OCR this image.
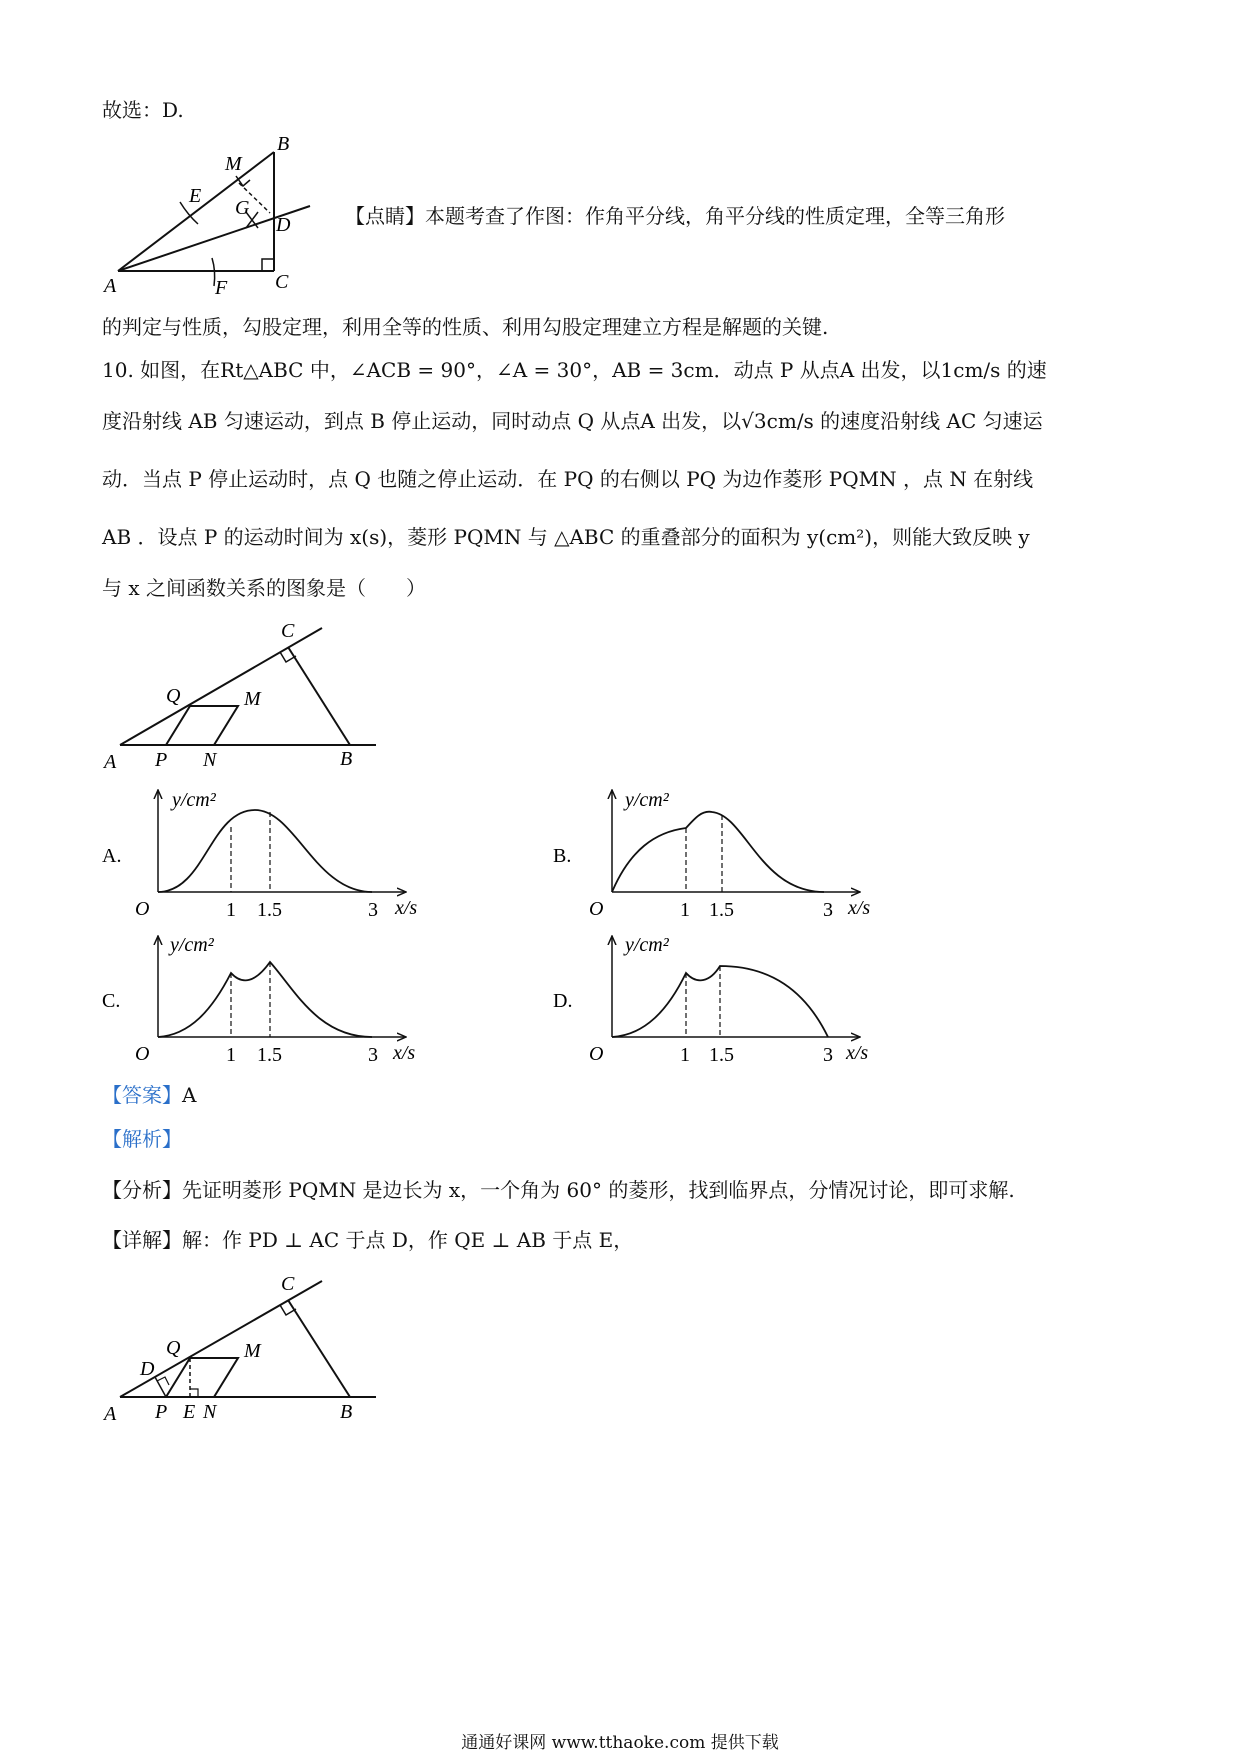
故选：D.
B
M
E
G
D
A	F C
【点睛】本题考查了作图：作角平分线，角平分线的性质定理，全等三角形
的判定与性质，勾股定理，利用全等的性质、利用勾股定理建立方程是解题的关键.
10. 如图，在Rt△ABC 中，∠ACB = 90°，∠A = 30°，AB = 3cm．动点 P 从点A 出发，以1cm/s 的速
度沿射线 AB 匀速运动，到点 B 停止运动，同时动点 Q 从点A 出发，以√3cm/s 的速度沿射线 AC 匀速运
动．当点 P 停止运动时，点 Q 也随之停止运动．在 PQ 的右侧以 PQ 为边作菱形 PQMN ，点 N 在射线
AB ．设点 P 的运动时间为 x(s)，菱形 PQMN 与 △ABC 的重叠部分的面积为 y(cm²)，则能大致反映 y
与 x 之间函数关系的图象是（　　）
C
Q	M
A P N	B
A.
y/cm²
O	1 1.5	3 x/s
B.
y/cm²
O	1 1.5	3 x/s
C.
y/cm²
O	1 1.5	3 x/s
D.
y/cm²
O	1 1.5	3 x/s
【答案】A
【解析】
【分析】先证明菱形 PQMN 是边长为 x，一个角为 60° 的菱形，找到临界点，分情况讨论，即可求解.
【详解】解：作 PD ⊥ AC 于点 D，作 QE ⊥ AB 于点 E，
C
Q	M
D
A P E N	B
通通好课网 www.tthaoke.com 提供下载
